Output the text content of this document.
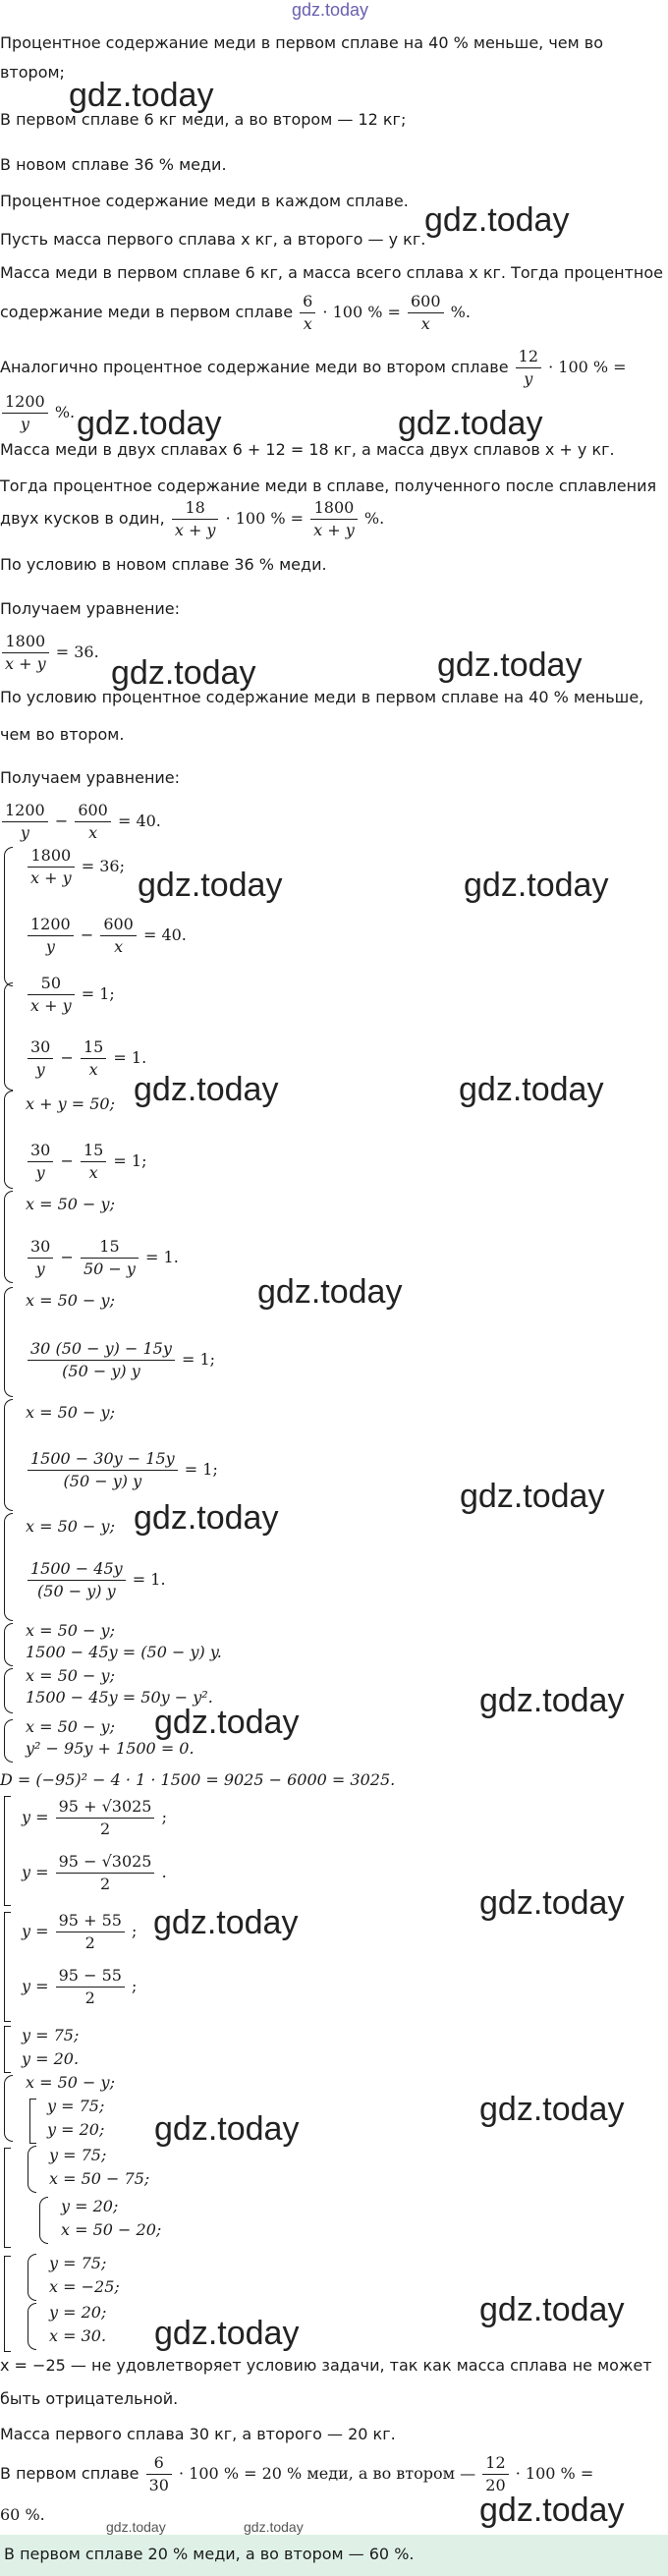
gdz.today
Процентное содержание меди в первом сплаве на 40 % меньше, чем во
втором;
В первом сплаве 6 кг меди, а во втором — 12 кг;
В новом сплаве 36 % меди.
Процентное содержание меди в каждом сплаве.
Пусть масса первого сплава x кг, а второго — y кг.
Масса меди в первом сплаве 6 кг, а масса всего сплава x кг. Тогда процентное
содержание меди в первом сплаве $\frac{6}{x} \cdot 100$ % = $\frac{600}{x}$ %.
Аналогично процентное содержание меди во втором сплаве $\frac{12}{y} \cdot 100$ % =
$\frac{1200}{y}$ %.
Масса меди в двух сплавах 6 + 12 = 18 кг, а масса двух сплавов x + y кг.
Тогда процентное содержание меди в сплаве, полученного после сплавления
двух кусков в один, $\frac{18}{x + y} \cdot 100$ % = $\frac{1800}{x + y}$ %.
По условию в новом сплаве 36 % меди.
Получаем уравнение:
$\frac{1800}{x + y} = 36$.
По условию процентное содержание меди в первом сплаве на 40 % меньше,
чем во втором.
Получаем уравнение:
$\frac{1200}{y} - \frac{600}{x} = 40$.
$\frac{1800}{x + y} = 36$;
$\frac{1200}{y} - \frac{600}{x} = 40$.
$\frac{50}{x + y} = 1$;
$\frac{30}{y} - \frac{15}{x} = 1$.
x + y = 50;
$\frac{30}{y} - \frac{15}{x} = 1$;
x = 50 − y;
$\frac{30}{y} - \frac{15}{50 - y} = 1$.
x = 50 − y;
$\frac{30 (50 - y) - 15y}{(50 - y) y} = 1$;
x = 50 − y;
$\frac{1500 - 30y - 15y}{(50 - y) y} = 1$;
x = 50 − y;
$\frac{1500 - 45y}{(50 - y) y} = 1$.
x = 50 − y;
1500 − 45y = (50 − y) y.
x = 50 − y;
1500 − 45y = 50y − y².
x = 50 − y;
y² − 95y + 1500 = 0.
D = (−95)² − 4 · 1 · 1500 = 9025 − 6000 = 3025.
$y = \frac{95 + √3025}{2}$ ;
$y = \frac{95 - √3025}{2}$ .
$y = \frac{95 + 55}{2}$ ;
$y = \frac{95 - 55}{2}$ ;
y = 75;
y = 20.
x = 50 − y;
y = 75;
y = 20;
y = 75;
x = 50 − 75;
y = 20;
x = 50 − 20;
y = 75;
x = −25;
y = 20;
x = 30.
x = −25 — не удовлетворяет условию задачи, так как масса сплава не может
быть отрицательной.
Масса первого сплава 30 кг, а второго — 20 кг.
В первом сплаве $\frac{6}{30} \cdot 100$ % = 20 % меди, а во втором — $\frac{12}{20} \cdot 100$ % =
60 %.
В первом сплаве 20 % меди, а во втором — 60 %.
gdz.today
gdz.today
gdz.today	gdz.today
gdz.today	gdz.today
gdz.today	gdz.today
gdz.today	gdz.today
gdz.today
gdz.today
gdz.today
gdz.today
gdz.today
gdz.today
gdz.today
gdz.today
gdz.today
gdz.today
gdz.today
gdz.today
gdz.today	gdz.today
